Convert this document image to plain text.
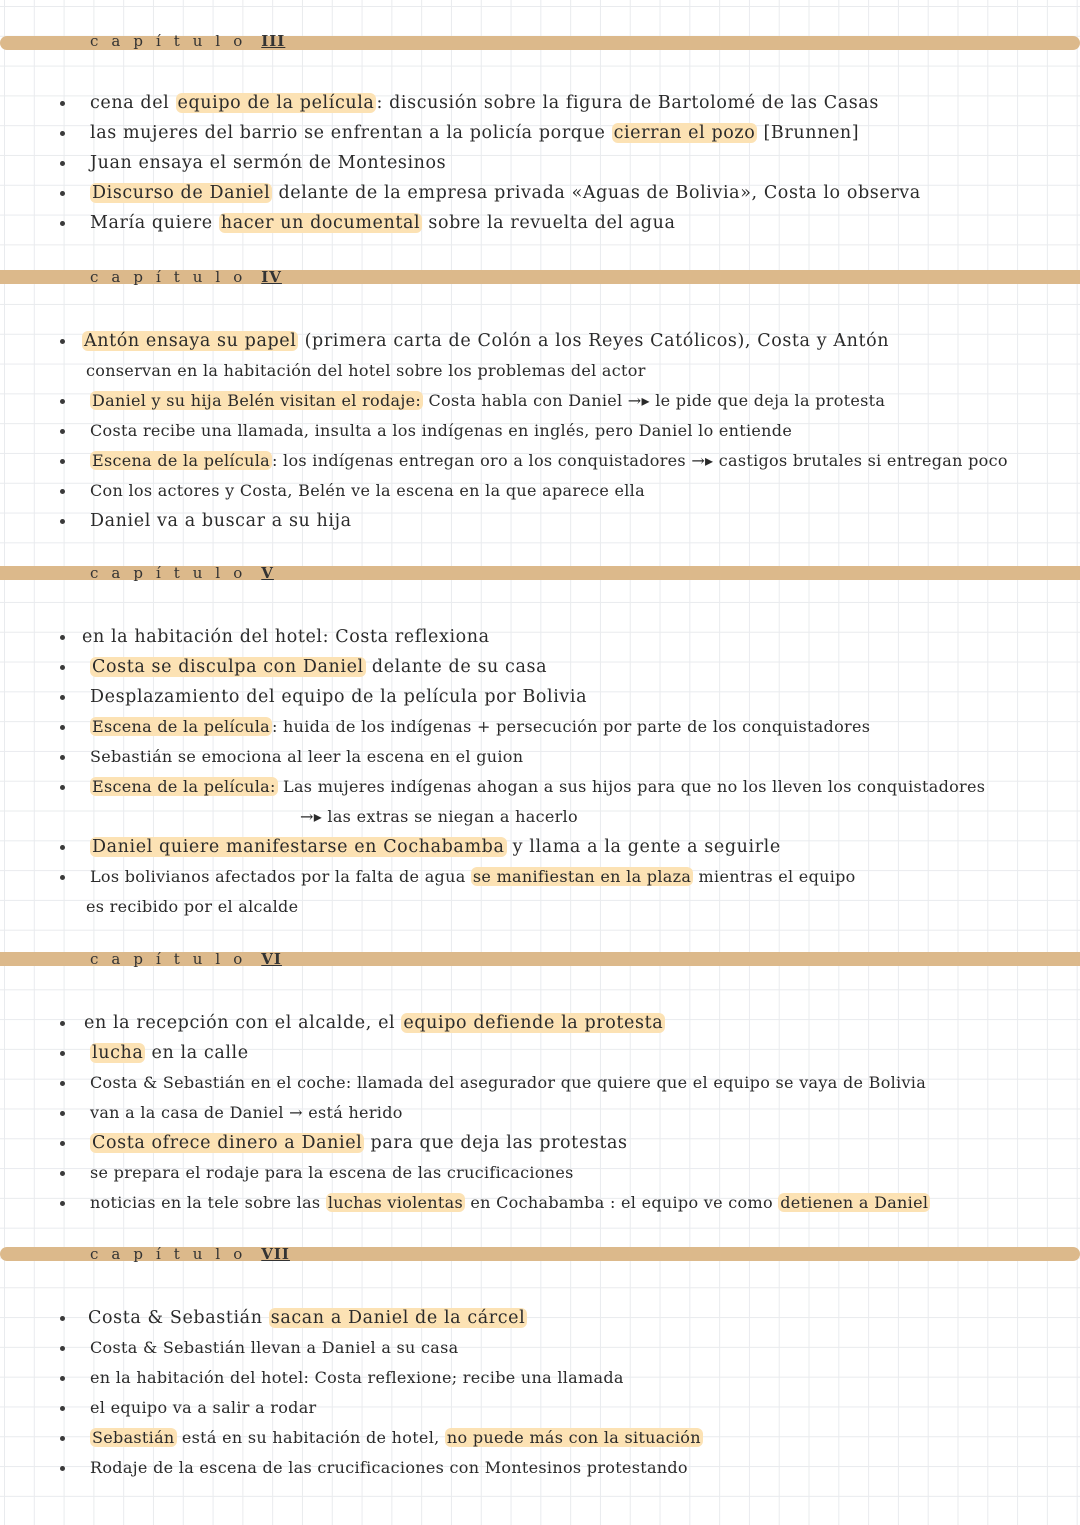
capítulo III
cena del equipo de la película : discusión sobre la figura de Bartolomé de las Casas
las mujeres del barrio se enfrentan a la policía porque cierran el pozo [Brunnen]
Juan ensaya el sermón de Montesinos
Discurso de Daniel delante de la empresa privada «Aguas de Bolivia», Costa lo observa
María quiere hacer un documental sobre la revuelta del agua
capítulo IV
Antón ensaya su papel (primera carta de Colón a los Reyes Católicos), Costa y Antón
conservan en la habitación del hotel sobre los problemas del actor
Daniel y su hija Belén visitan el rodaje: Costa habla con Daniel →▸ le pide que deja la protesta
Costa recibe una llamada, insulta a los indígenas en inglés, pero Daniel lo entiende
Escena de la película : los indígenas entregan oro a los conquistadores →▸ castigos brutales si entregan poco
Con los actores y Costa, Belén ve la escena en la que aparece ella
Daniel va a buscar a su hija
capítulo V
en la habitación del hotel: Costa reflexiona
Costa se disculpa con Daniel delante de su casa
Desplazamiento del equipo de la película por Bolivia
Escena de la película : huida de los indígenas + persecución por parte de los conquistadores
Sebastián se emociona al leer la escena en el guion
Escena de la película: Las mujeres indígenas ahogan a sus hijos para que no los lleven los conquistadores
→▸ las extras se niegan a hacerlo
Daniel quiere manifestarse en Cochabamba y llama a la gente a seguirle
Los bolivianos afectados por la falta de agua se manifiestan en la plaza mientras el equipo
es recibido por el alcalde
capítulo VI
en la recepción con el alcalde, el equipo defiende la protesta
lucha en la calle
Costa & Sebastián en el coche: llamada del asegurador que quiere que el equipo se vaya de Bolivia
van a la casa de Daniel → está herido
Costa ofrece dinero a Daniel para que deja las protestas
se prepara el rodaje para la escena de las crucificaciones
noticias en la tele sobre las luchas violentas en Cochabamba : el equipo ve como detienen a Daniel
capítulo VII
Costa & Sebastián sacan a Daniel de la cárcel
Costa & Sebastián llevan a Daniel a su casa
en la habitación del hotel: Costa reflexione; recibe una llamada
el equipo va a salir a rodar
Sebastián está en su habitación de hotel, no puede más con la situación
Rodaje de la escena de las crucificaciones con Montesinos protestando
